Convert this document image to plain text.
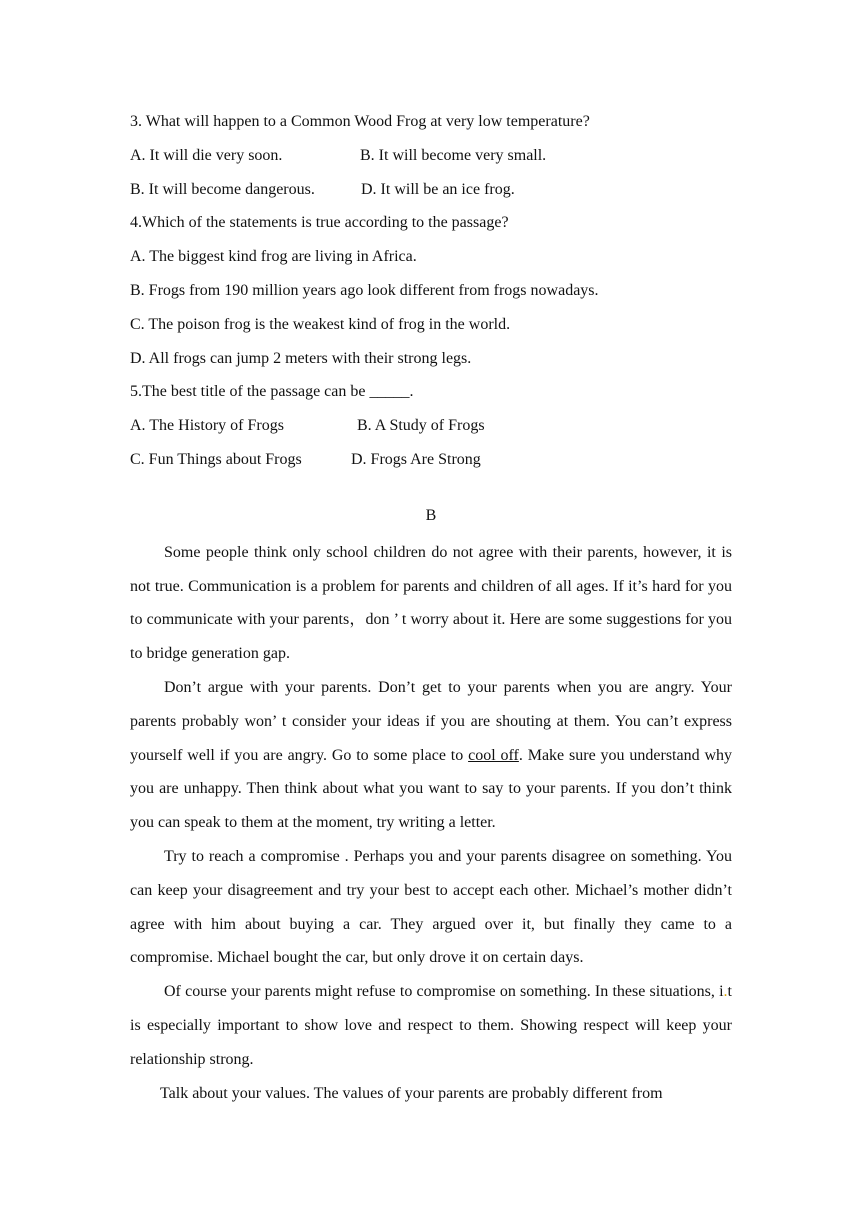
3. What will happen to a Common Wood Frog at very low temperature?
A. It will die very soon.	B. It will become very small.
B. It will become dangerous.	D. It will be an ice frog.
4.Which of the statements is true according to the passage?
A. The biggest kind frog are living in Africa.
B. Frogs from 190 million years ago look different from frogs nowadays.
C. The poison frog is the weakest kind of frog in the world.
D. All frogs can jump 2 meters with their strong legs.
5.The best title of the passage can be _____.
A. The History of Frogs	B. A Study of Frogs
C. Fun Things about Frogs	D. Frogs Are Strong
B

Some people think only school children do not agree with their parents, however, it is not true. Communication is a problem for parents and children of all ages. If it’s hard for you to communicate with your parents，don ’ t worry about it. Here are some suggestions for you to bridge generation gap.

Don’t argue with your parents. Don’t get to your parents when you are angry. Your parents probably won’ t consider your ideas if you are shouting at them. You can’t express yourself well if you are angry. Go to some place to cool off. Make sure you understand why you are unhappy. Then think about what you want to say to your parents. If you don’t think you can speak to them at the moment, try writing a letter.

Try to reach a compromise . Perhaps you and your parents disagree on something. You can keep your disagreement and try your best to accept each other. Michael’s mother didn’t agree with him about buying a car. They argued over it, but finally they came to a compromise. Michael bought the car, but only drove it on certain days.

Of course your parents might refuse to compromise on something. In these situations, i.t is especially important to show love and respect to them. Showing respect will keep your relationship strong.

Talk about your values. The values of your parents are probably different from
